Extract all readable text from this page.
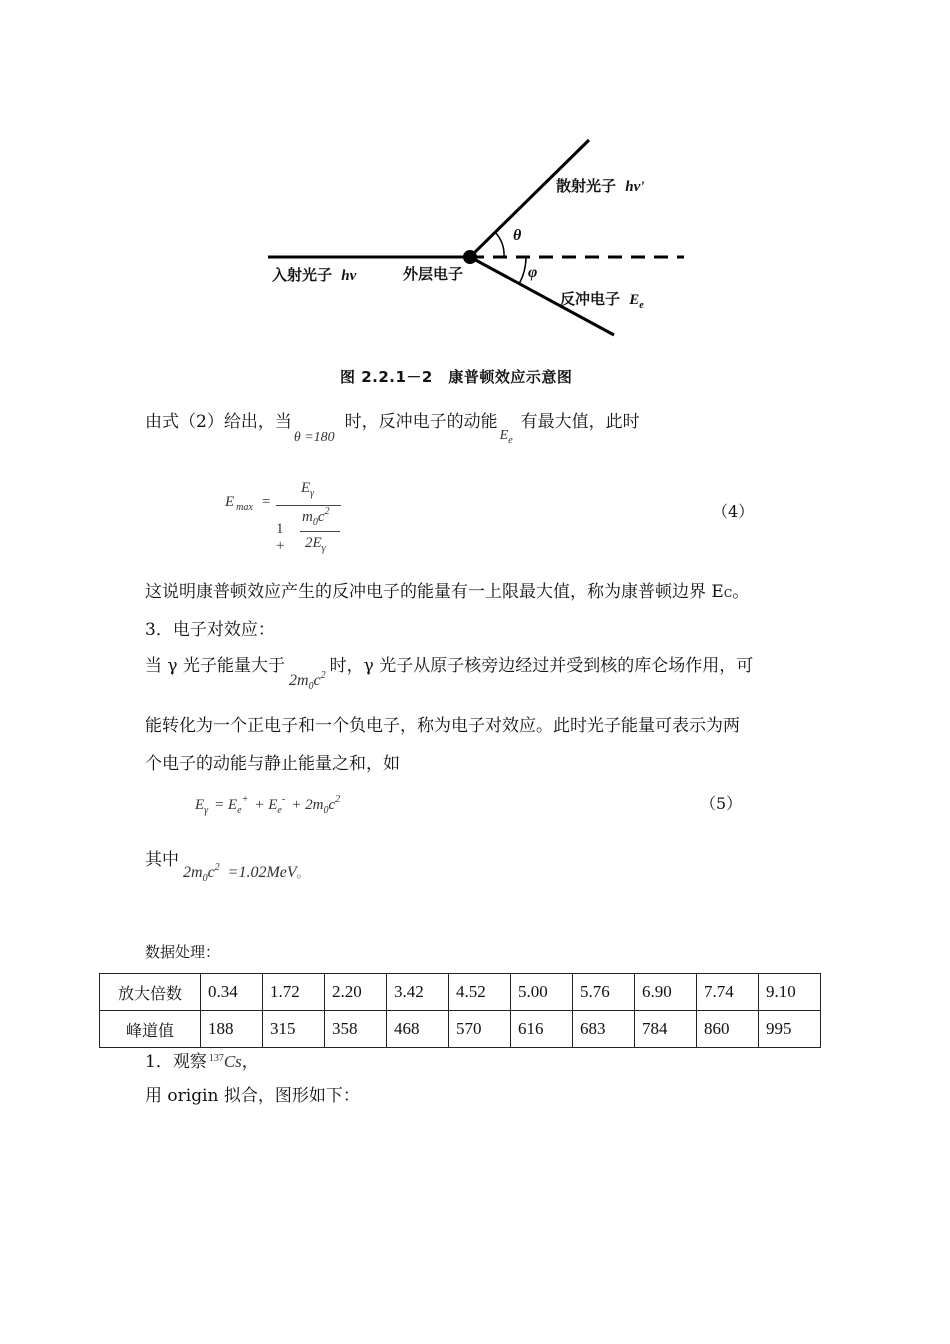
入射光子 hν	外层电子
散射光子 hν'
反冲电子 $E_e$
θ
φ
图 2.2.1－2　康普顿效应示意图
由式（2）给出，当$_{\theta =180}$时，反冲电子的动能$_{E_e}$有最大值，此时
E $_{max}$ =
$E_\gamma$
1 +
$m_0c^2$
$2E_\gamma$
（4）
这说明康普顿效应产生的反冲电子的能量有一上限最大值，称为康普顿边界 EC。
3．电子对效应：
当 γ 光子能量大于$2m_0c^2$ 时，γ 光子从原子核旁边经过并受到核的库仑场作用，可
能转化为一个正电子和一个负电子，称为电子对效应。此时光子能量可表示为两
个电子的动能与静止能量之和，如
$E_\gamma = E_e^+ + E_e^- + 2m_0c^2$	（5）
其中$2m_0c^2 =1.02MeV$。
数据处理：
放大倍数	0.34	1.72	2.20	3.42	4.52	5.00	5.76	6.90	7.74	9.10
峰道值	188	315	358	468	570	616	683	784	860	995
1．观察 $^{137}$Cs，
用 origin 拟合，图形如下：
